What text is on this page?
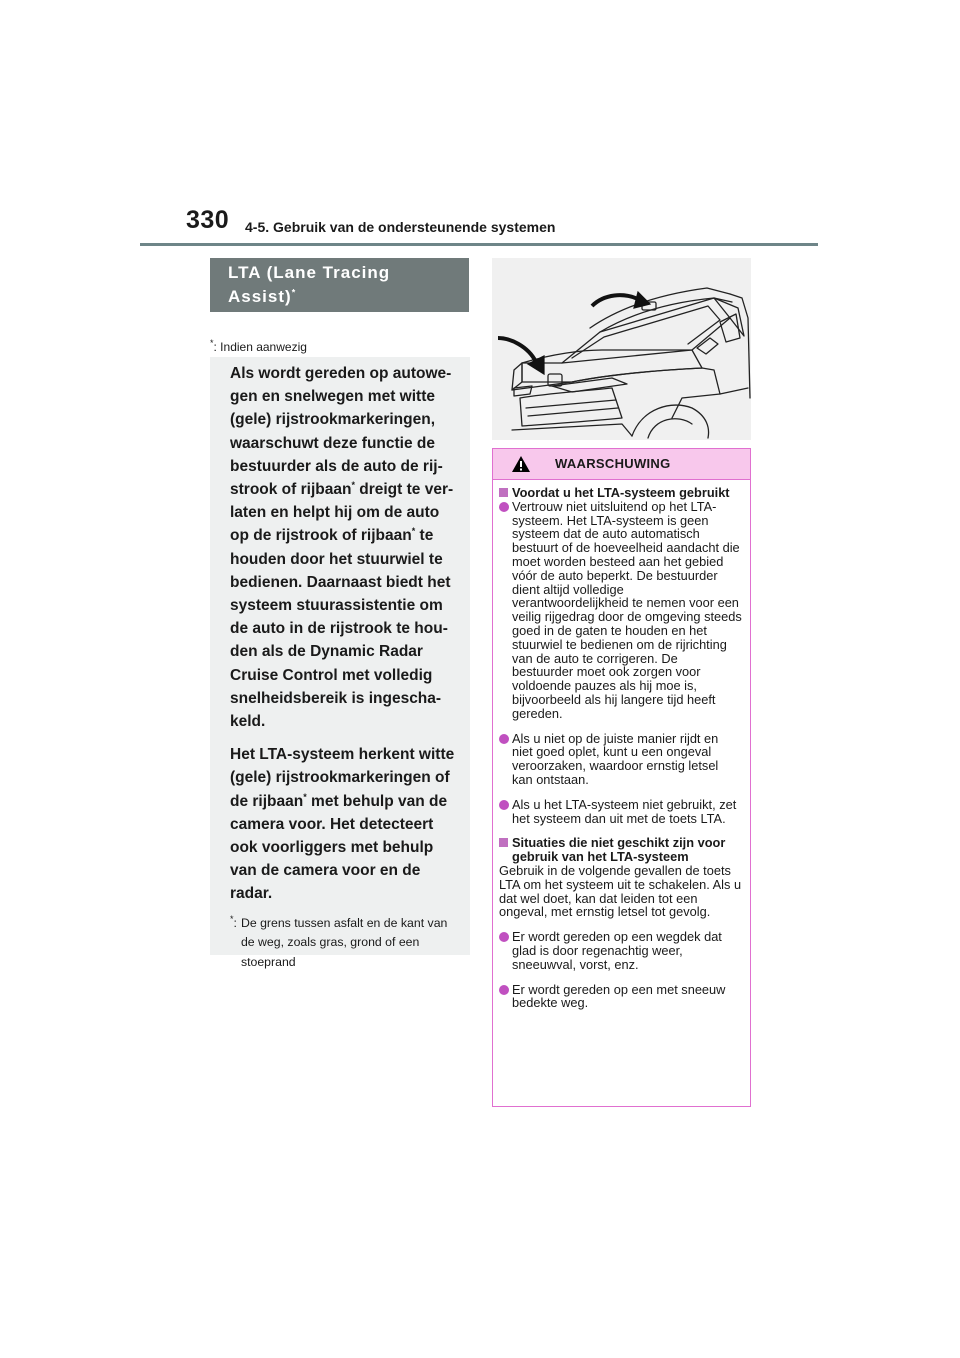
330 4-5. Gebruik van de ondersteunende systemen
LTA (Lane Tracing
Assist)*
*: Indien aanwezig

Als wordt gereden op autowegen en snelwegen met witte (gele) rijstrookmarkeringen, waarschuwt deze functie de bestuurder als de auto de rijstrook of rijbaan* dreigt te verlaten en helpt hij om de auto op de rijstrook of rijbaan* te houden door het stuurwiel te bedienen. Daarnaast biedt het systeem stuurassistentie om de auto in de rijstrook te houden als de Dynamic Radar Cruise Control met volledig snelheidsbereik is ingeschakeld.

Het LTA-systeem herkent witte (gele) rijstrookmarkeringen of de rijbaan* met behulp van de camera voor. Het detecteert ook voorliggers met behulp van de camera voor en de radar.

*: De grens tussen asfalt en de kant van de weg, zoals gras, grond of een stoeprand
WAARSCHUWING
Voordat u het LTA-systeem gebruikt
Vertrouw niet uitsluitend op het LTA-systeem. Het LTA-systeem is geen systeem dat de auto automatisch bestuurt of de hoeveelheid aandacht die moet worden besteed aan het gebied vóór de auto beperkt. De bestuurder dient altijd volledige verantwoordelijkheid te nemen voor een veilig rijgedrag door de omgeving steeds goed in de gaten te houden en het stuurwiel te bedienen om de rijrichting van de auto te corrigeren. De bestuurder moet ook zorgen voor voldoende pauzes als hij moe is, bijvoorbeeld als hij langere tijd heeft gereden.
Als u niet op de juiste manier rijdt en niet goed oplet, kunt u een ongeval veroorzaken, waardoor ernstig letsel kan ontstaan.
Als u het LTA-systeem niet gebruikt, zet het systeem dan uit met de toets LTA.
Situaties die niet geschikt zijn voor gebruik van het LTA-systeem
Gebruik in de volgende gevallen de toets LTA om het systeem uit te schakelen. Als u dat wel doet, kan dat leiden tot een ongeval, met ernstig letsel tot gevolg.
Er wordt gereden op een wegdek dat glad is door regenachtig weer, sneeuwval, vorst, enz.
Er wordt gereden op een met sneeuw bedekte weg.
